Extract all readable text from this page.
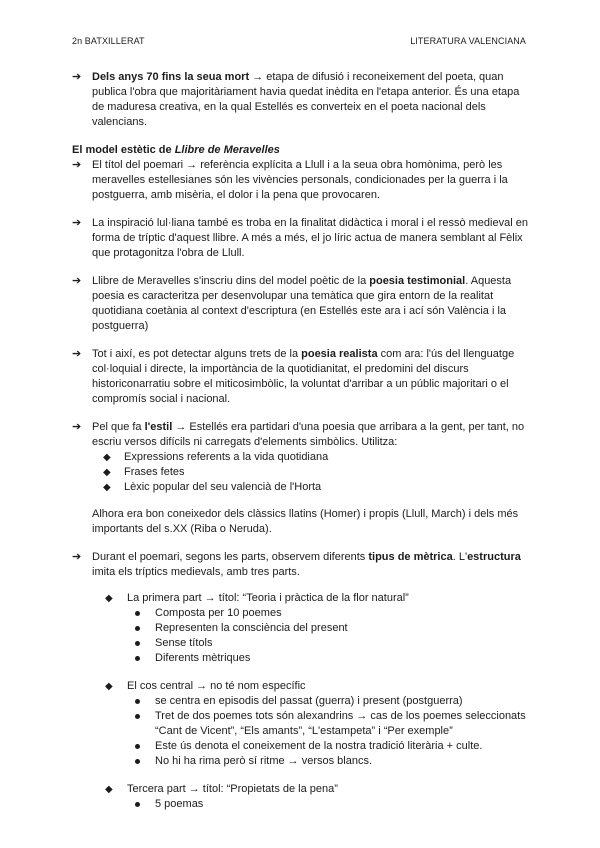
2n BATXILLERAT	LITERATURA VALENCIANA
➔ Dels anys 70 fins la seua mort → etapa de difusió i reconeixement del poeta, quan publica l'obra que majoritàriament havia quedat inèdita en l'etapa anterior. És una etapa de maduresa creativa, en la qual Estellés es converteix en el poeta nacional dels valencians.
El model estètic de Llibre de Meravelles
➔ El títol del poemari → referència explícita a Llull i a la seua obra homònima, però les meravelles estellesianes són les vivències personals, condicionades per la guerra i la postguerra, amb misèria, el dolor i la pena que provocaren.
➔ La inspiració lul·liana també es troba en la finalitat didàctica i moral i el ressò medieval en forma de tríptic d'aquest llibre. A més a més, el jo líric actua de manera semblant al Fèlix que protagonitza l'obra de Llull.
➔ Llibre de Meravelles s'inscriu dins del model poètic de la poesia testimonial. Aquesta poesia es caracteritza per desenvolupar una temàtica que gira entorn de la realitat quotidiana coetània al context d'escriptura (en Estellés este ara i ací són València i la postguerra)
➔ Tot i així, es pot detectar alguns trets de la poesia realista com ara: l'ús del llenguatge col·loquial i directe, la importància de la quotidianitat, el predomini del discurs historiconarratiu sobre el miticosimbòlic, la voluntat d'arribar a un públic majoritari o el compromís social i nacional.
➔ Pel que fa l'estil → Estellés era partidari d'una poesia que arribara a la gent, per tant, no escriu versos difícils ni carregats d'elements simbòlics. Utilitza:
◆ Expressions referents a la vida quotidiana
◆ Frases fetes
◆ Lèxic popular del seu valencià de l'Horta
Alhora era bon coneixedor dels clàssics llatins (Homer) i propis (Llull, March) i dels més importants del s.XX (Riba o Neruda).
➔ Durant el poemari, segons les parts, observem diferents tipus de mètrica. L'estructura imita els tríptics medievals, amb tres parts.
◆ La primera part → títol: “Teoria i pràctica de la flor natural”
Composta per 10 poemes
Representen la consciència del present
Sense títols
Diferents mètriques
◆ El cos central → no té nom específic
se centra en episodis del passat (guerra) i present (postguerra)
Tret de dos poemes tots són alexandrins → cas de los poemes seleccionats “Cant de Vicent”, “Els amants”, “L'estampeta” i “Per exemple”
Este ús denota el coneixement de la nostra tradició literària + culte.
No hi ha rima però sí ritme → versos blancs.
◆ Tercera part → títol: “Propietats de la pena”
5 poemas
